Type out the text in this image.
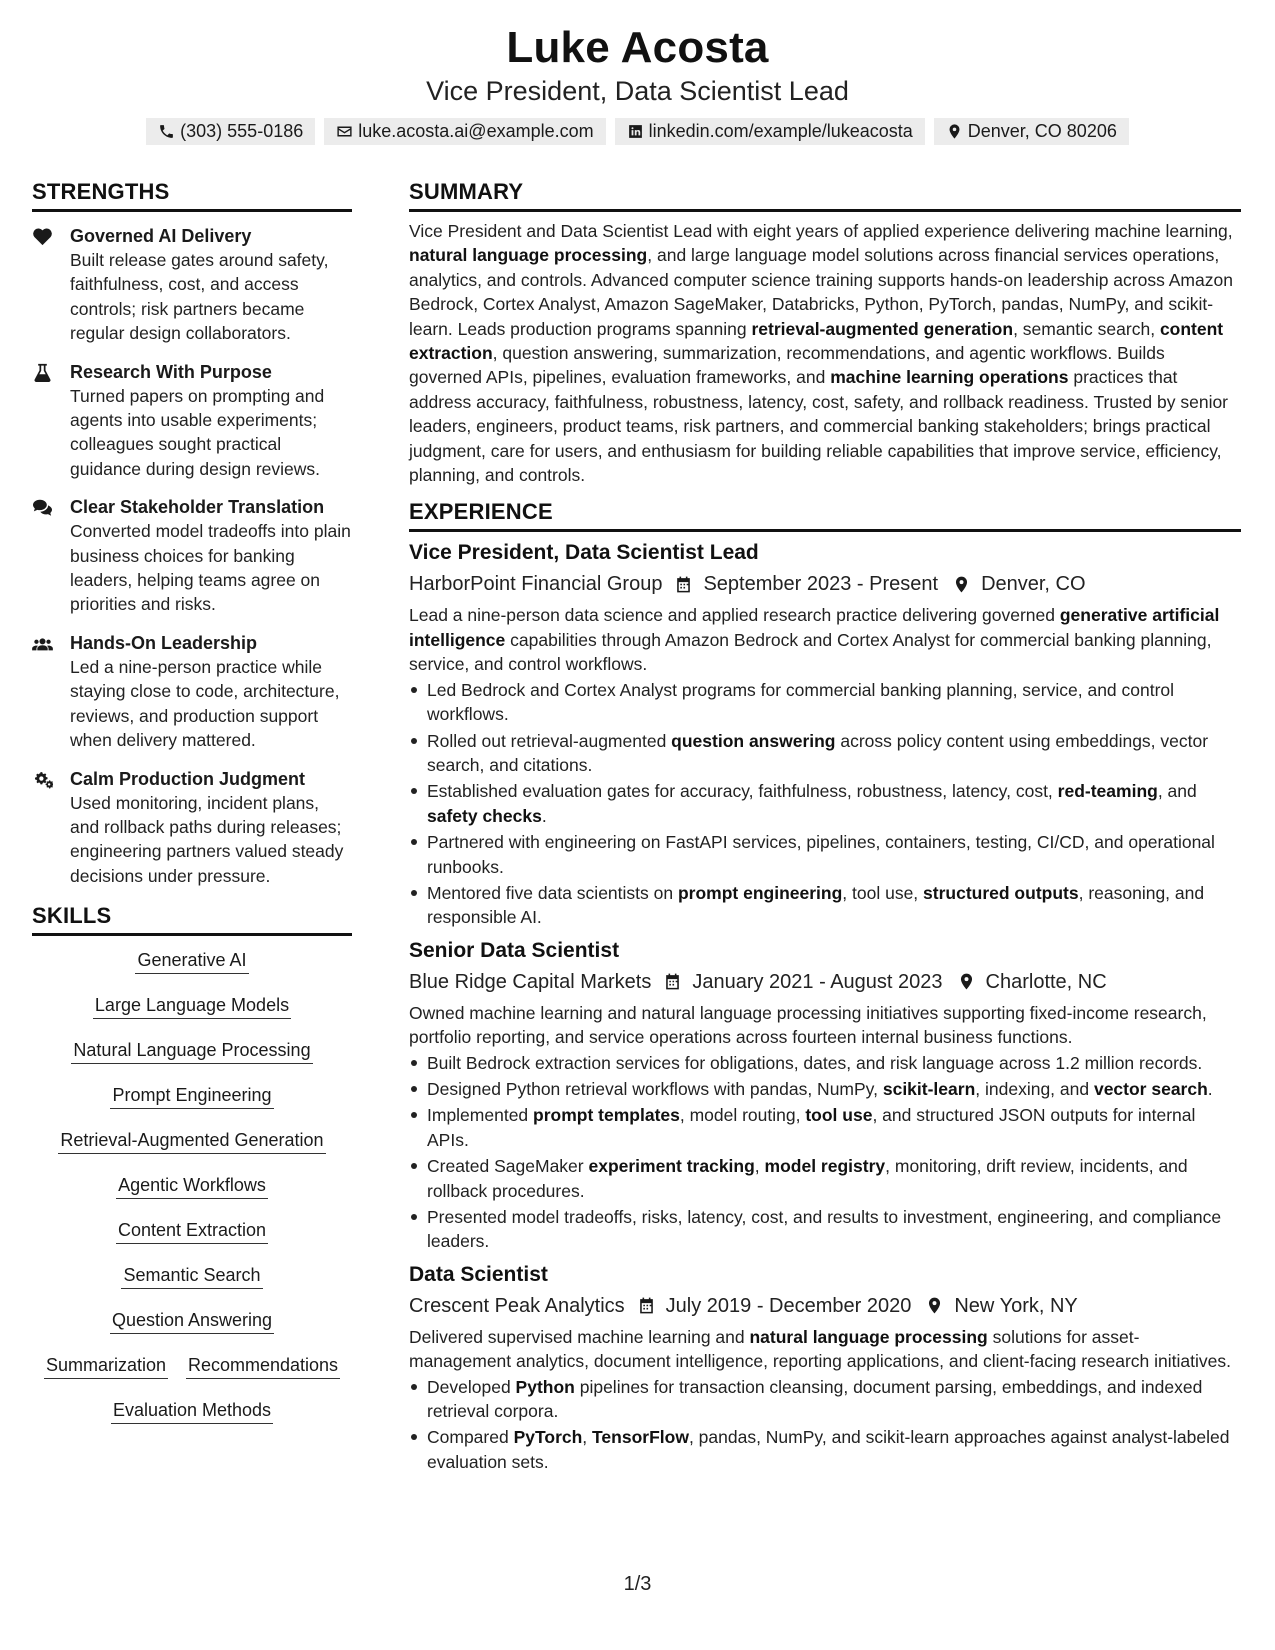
Luke Acosta
Vice President, Data Scientist Lead
(303) 555-0186	luke.acosta.ai@example.com	linkedin.com/example/lukeacosta	Denver, CO 80206
STRENGTHS
Governed AI Delivery
Built release gates around safety, faithfulness, cost, and access controls; risk partners became regular design collaborators.
Research With Purpose
Turned papers on prompting and agents into usable experiments; colleagues sought practical guidance during design reviews.
Clear Stakeholder Translation
Converted model tradeoffs into plain business choices for banking leaders, helping teams agree on priorities and risks.
Hands-On Leadership
Led a nine-person practice while staying close to code, architecture, reviews, and production support when delivery mattered.
Calm Production Judgment
Used monitoring, incident plans, and rollback paths during releases; engineering partners valued steady decisions under pressure.
SKILLS
Generative AI
Large Language Models
Natural Language Processing
Prompt Engineering
Retrieval-Augmented Generation
Agentic Workflows
Content Extraction
Semantic Search
Question Answering
Summarization Recommendations
Evaluation Methods
SUMMARY

Vice President and Data Scientist Lead with eight years of applied experience delivering machine learning, natural language processing, and large language model solutions across financial services operations, analytics, and controls. Advanced computer science training supports hands-on leadership across Amazon Bedrock, Cortex Analyst, Amazon SageMaker, Databricks, Python, PyTorch, pandas, NumPy, and scikit-learn. Leads production programs spanning retrieval-augmented generation, semantic search, content extraction, question answering, summarization, recommendations, and agentic workflows. Builds governed APIs, pipelines, evaluation frameworks, and machine learning operations practices that address accuracy, faithfulness, robustness, latency, cost, safety, and rollback readiness. Trusted by senior leaders, engineers, product teams, risk partners, and commercial banking stakeholders; brings practical judgment, care for users, and enthusiasm for building reliable capabilities that improve service, efficiency, planning, and controls.

EXPERIENCE
Vice President, Data Scientist Lead
HarborPoint Financial Group September 2023 - Present Denver, CO

Lead a nine-person data science and applied research practice delivering governed generative artificial intelligence capabilities through Amazon Bedrock and Cortex Analyst for commercial banking planning, service, and control workflows.

Led Bedrock and Cortex Analyst programs for commercial banking planning, service, and control workflows.
Rolled out retrieval-augmented question answering across policy content using embeddings, vector search, and citations.
Established evaluation gates for accuracy, faithfulness, robustness, latency, cost, red-teaming, and safety checks.
Partnered with engineering on FastAPI services, pipelines, containers, testing, CI/CD, and operational runbooks.
Mentored five data scientists on prompt engineering, tool use, structured outputs, reasoning, and responsible AI.
Senior Data Scientist
Blue Ridge Capital Markets January 2021 - August 2023 Charlotte, NC

Owned machine learning and natural language processing initiatives supporting fixed-income research, portfolio reporting, and service operations across fourteen internal business functions.

Built Bedrock extraction services for obligations, dates, and risk language across 1.2 million records.
Designed Python retrieval workflows with pandas, NumPy, scikit-learn, indexing, and vector search.
Implemented prompt templates, model routing, tool use, and structured JSON outputs for internal APIs.
Created SageMaker experiment tracking, model registry, monitoring, drift review, incidents, and rollback procedures.
Presented model tradeoffs, risks, latency, cost, and results to investment, engineering, and compliance leaders.
Data Scientist
Crescent Peak Analytics July 2019 - December 2020 New York, NY

Delivered supervised machine learning and natural language processing solutions for asset-management analytics, document intelligence, reporting applications, and client-facing research initiatives.

Developed Python pipelines for transaction cleansing, document parsing, embeddings, and indexed retrieval corpora.
Compared PyTorch, TensorFlow, pandas, NumPy, and scikit-learn approaches against analyst-labeled evaluation sets.
1/3
